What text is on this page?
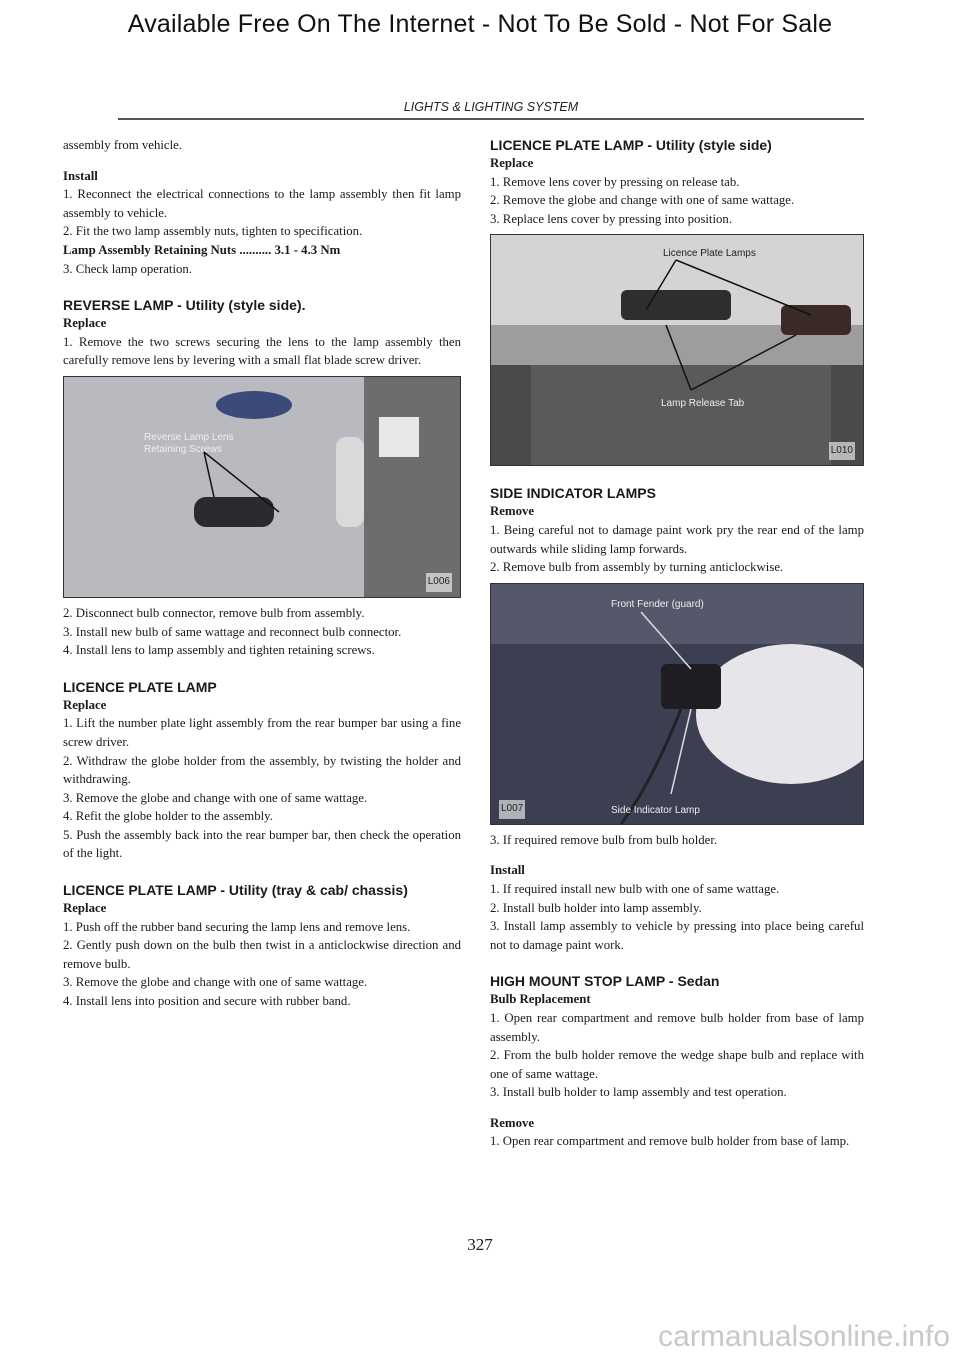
Available Free On The Internet - Not To Be Sold - Not For Sale
LIGHTS & LIGHTING SYSTEM

assembly from vehicle.

Install

1. Reconnect the electrical connections to the lamp assembly then fit lamp assembly to vehicle.

2. Fit the two lamp assembly nuts, tighten to specification.

Lamp Assembly Retaining Nuts .......... 3.1 - 4.3 Nm

3. Check lamp operation.

REVERSE LAMP - Utility (style side).

Replace

1. Remove the two screws securing the lens to the lamp assembly then carefully remove lens by levering with a small flat blade screw driver.

Reverse Lamp Lens
Retaining Screws
L006

2. Disconnect bulb connector, remove bulb from assembly.

3. Install new bulb of same wattage and reconnect bulb connector.

4. Install lens to lamp assembly and tighten retaining screws.

LICENCE PLATE LAMP

Replace

1. Lift the number plate light assembly from the rear bumper bar using a fine screw driver.

2. Withdraw the globe holder from the assembly, by twisting the holder and withdrawing.

3. Remove the globe and change with one of same wattage.

4. Refit the globe holder to the assembly.

5. Push the assembly back into the rear bumper bar, then check the operation of the light.

LICENCE PLATE LAMP - Utility (tray & cab/ chassis)

Replace

1. Push off the rubber band securing the lamp lens and remove lens.

2. Gently push down on the bulb then twist in a anticlockwise direction and remove bulb.

3. Remove the globe and change with one of same wattage.

4. Install lens into position and secure with rubber band.

LICENCE PLATE LAMP - Utility (style side)

Replace

1. Remove lens cover by pressing on release tab.

2. Remove the globe and change with one of same wattage.

3. Replace lens cover by pressing into position.

Licence Plate Lamps
Lamp Release Tab
L010

SIDE INDICATOR LAMPS

Remove

1. Being careful not to damage paint work pry the rear end of the lamp outwards while sliding lamp forwards.

2. Remove bulb from assembly by turning anticlockwise.

Front Fender (guard)
Side Indicator Lamp
L007

3. If required remove bulb from bulb holder.

Install

1. If required install new bulb with one of same wattage.

2. Install bulb holder into lamp assembly.

3. Install lamp assembly to vehicle by pressing into place being careful not to damage paint work.

HIGH MOUNT STOP LAMP - Sedan

Bulb Replacement

1. Open rear compartment and remove bulb holder from base of lamp assembly.

2. From the bulb holder remove the wedge shape bulb and replace with one of same wattage.

3. Install bulb holder to lamp assembly and test operation.

Remove

1. Open rear compartment and remove bulb holder from base of lamp.

327
carmanualsonline.info
